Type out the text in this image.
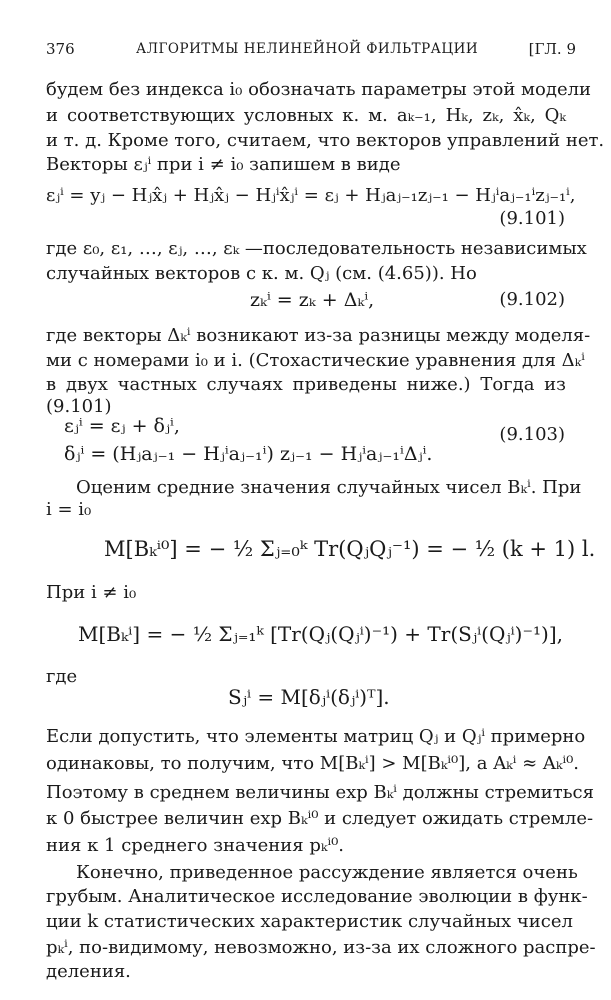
376	АЛГОРИТМЫ НЕЛИНЕЙНОЙ ФИЛЬТРАЦИИ	[ГЛ. 9
будем без индекса i₀ обозначать параметры этой модели
и соответствующих условных к. м. aₖ₋₁, Hₖ, zₖ, x̂ₖ, Qₖ
и т. д. Кроме того, считаем, что векторов управлений нет.
Векторы εⱼⁱ при i ≠ i₀ запишем в виде
εⱼⁱ = yⱼ − Hⱼx̂ⱼ + Hⱼx̂ⱼ − Hⱼⁱx̂ⱼⁱ = εⱼ + Hⱼaⱼ₋₁zⱼ₋₁ − Hⱼⁱaⱼ₋₁ⁱzⱼ₋₁ⁱ,
(9.101)
где ε₀, ε₁, …, εⱼ, …, εₖ —последовательность независимых
случайных векторов с к. м. Qⱼ (см. (4.65)). Но
zₖⁱ = zₖ + Δₖⁱ,	(9.102)
где векторы Δₖⁱ возникают из-за разницы между моделя-
ми с номерами i₀ и i. (Стохастические уравнения для Δₖⁱ
в двух частных случаях приведены ниже.) Тогда из
(9.101)
εⱼⁱ = εⱼ + δⱼⁱ,
δⱼⁱ = (Hⱼaⱼ₋₁ − Hⱼⁱaⱼ₋₁ⁱ) zⱼ₋₁ − Hⱼⁱaⱼ₋₁ⁱΔⱼⁱ.
(9.103)
Оценим средние значения случайных чисел Bₖⁱ. При
i = i₀
M[Bₖⁱ⁰] = − ½ Σⱼ₌₀ᵏ Tr(QⱼQⱼ⁻¹) = − ½ (k + 1) l.
При i ≠ i₀
M[Bₖⁱ] = − ½ Σⱼ₌₁ᵏ [Tr(Qⱼ(Qⱼⁱ)⁻¹) + Tr(Sⱼⁱ(Qⱼⁱ)⁻¹)],
где
Sⱼⁱ = M[δⱼⁱ(δⱼⁱ)ᵀ].
Если допустить, что элементы матриц Qⱼ и Qⱼⁱ примерно
одинаковы, то получим, что M[Bₖⁱ] > M[Bₖⁱ⁰], а Aₖⁱ ≈ Aₖⁱ⁰.
Поэтому в среднем величины exp Bₖⁱ должны стремиться
к 0 быстрее величин exp Bₖⁱ⁰ и следует ожидать стремле-
ния к 1 среднего значения pₖⁱ⁰.
Конечно, приведенное рассуждение является очень
грубым. Аналитическое исследование эволюции в функ-
ции k статистических характеристик случайных чисел
pₖⁱ, по-видимому, невозможно, из-за их сложного распре-
деления.
